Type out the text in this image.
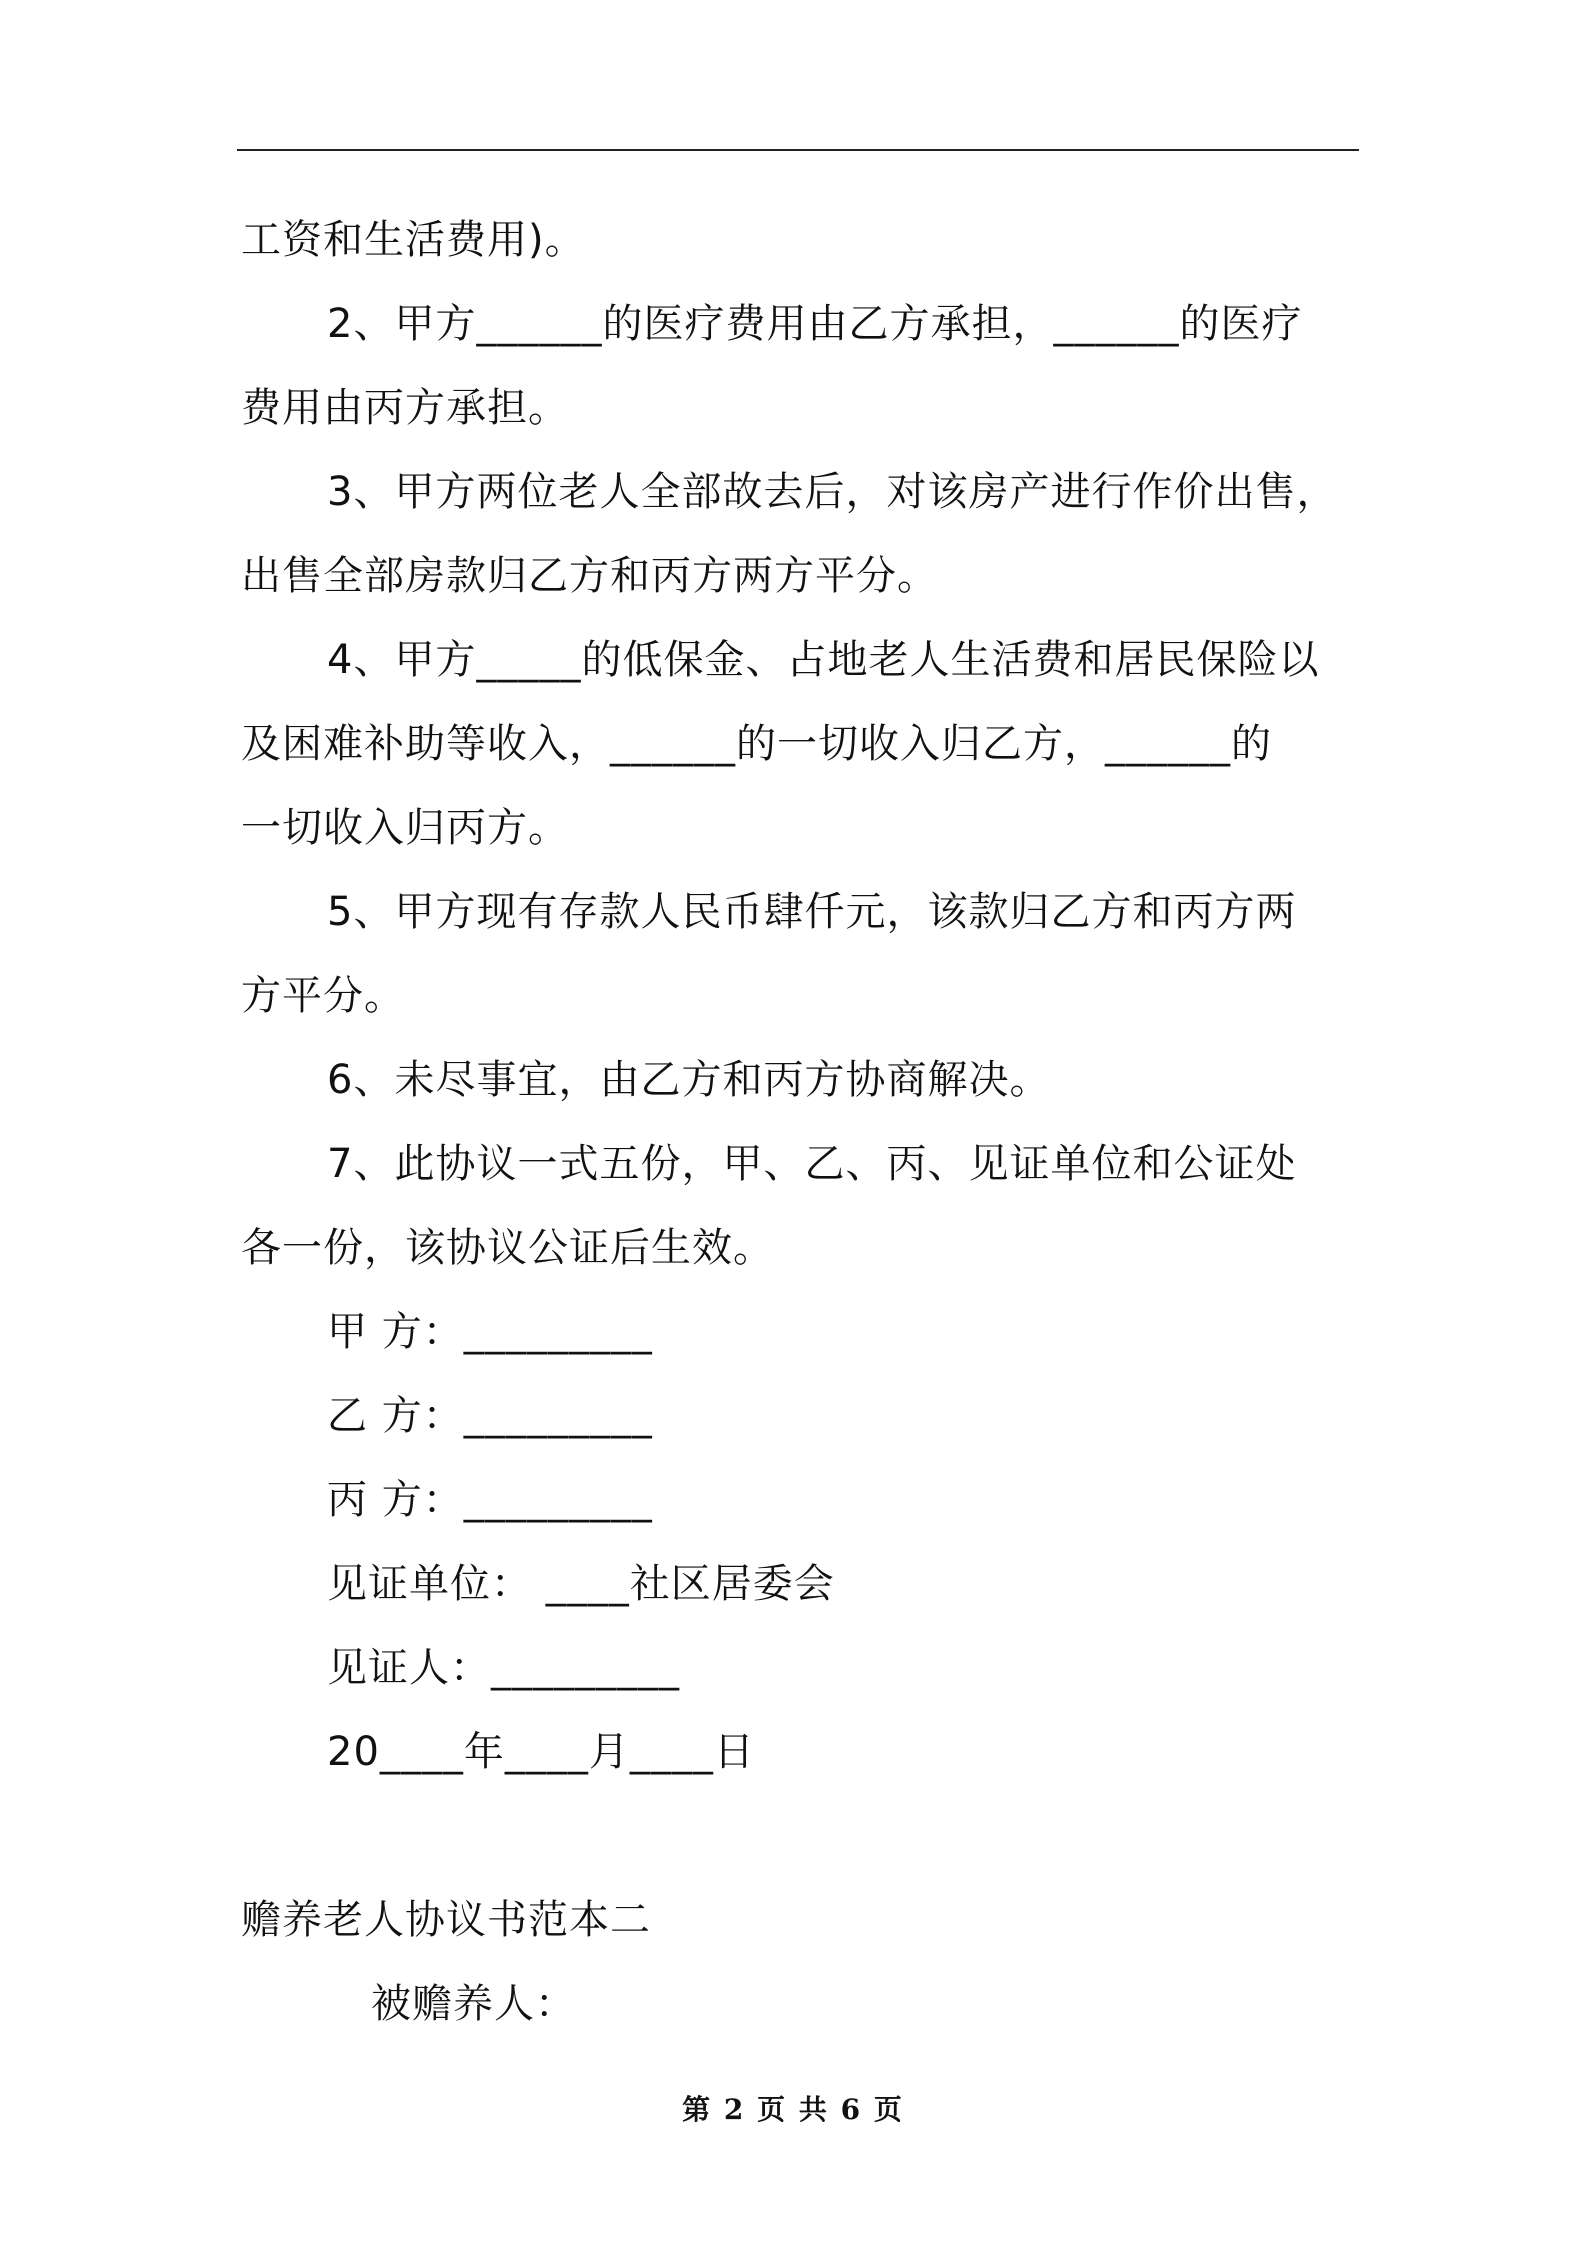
工资和生活费用)。

2、甲方______的医疗费用由乙方承担，______的医疗

费用由丙方承担。

3、甲方两位老人全部故去后，对该房产进行作价出售，

出售全部房款归乙方和丙方两方平分。

4、甲方_____的低保金、占地老人生活费和居民保险以

及困难补助等收入，______的一切收入归乙方，______的

一切收入归丙方。

5、甲方现有存款人民币肆仟元，该款归乙方和丙方两

方平分。

6、未尽事宜，由乙方和丙方协商解决。

7、此协议一式五份，甲、乙、丙、见证单位和公证处

各一份，该协议公证后生效。

甲 方：_________

乙 方：_________

丙 方：_________

见证单位： ____社区居委会

见证人：_________

20____年____月____日

赡养老人协议书范本二

被赡养人：

第 2 页 共 6 页
